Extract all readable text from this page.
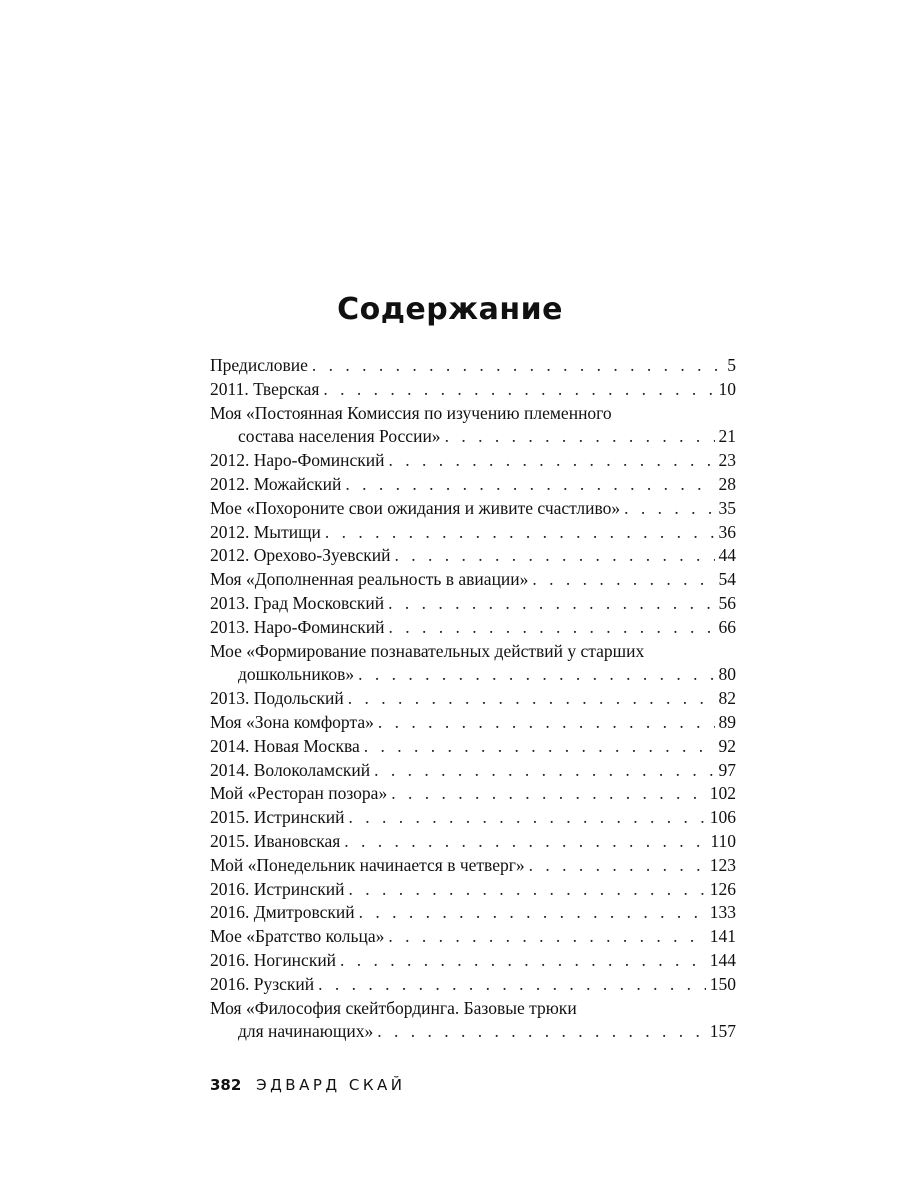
Содержание
Предисловие . . .	5
2011. Тверская . . .	10
Моя «Постоянная Комиссия по изучению племенного
состава населения России» . . .	21
2012. Наро-Фоминский . . .	23
2012. Можайский . . .	28
Мое «Похороните свои ожидания и живите счастливо» . . .	35
2012. Мытищи . . .	36
2012. Орехово-Зуевский . . .	44
Моя «Дополненная реальность в авиации» . . .	54
2013. Град Московский . . .	56
2013. Наро-Фоминский . . .	66
Мое «Формирование познавательных действий у старших
дошкольников» . . .	80
2013. Подольский . . .	82
Моя «Зона комфорта» . . .	89
2014. Новая Москва . . .	92
2014. Волоколамский . . .	97
Мой «Ресторан позора» . . .	102
2015. Истринский . . .	106
2015. Ивановская . . .	110
Мой «Понедельник начинается в четверг» . . .	123
2016. Истринский . . .	126
2016. Дмитровский . . .	133
Мое «Братство кольца» . . .	141
2016. Ногинский . . .	144
2016. Рузский . . .	150
Моя «Философия скейтбординга. Базовые трюки
для начинающих» . . .	157
382 ЭДВАРД СКАЙ
